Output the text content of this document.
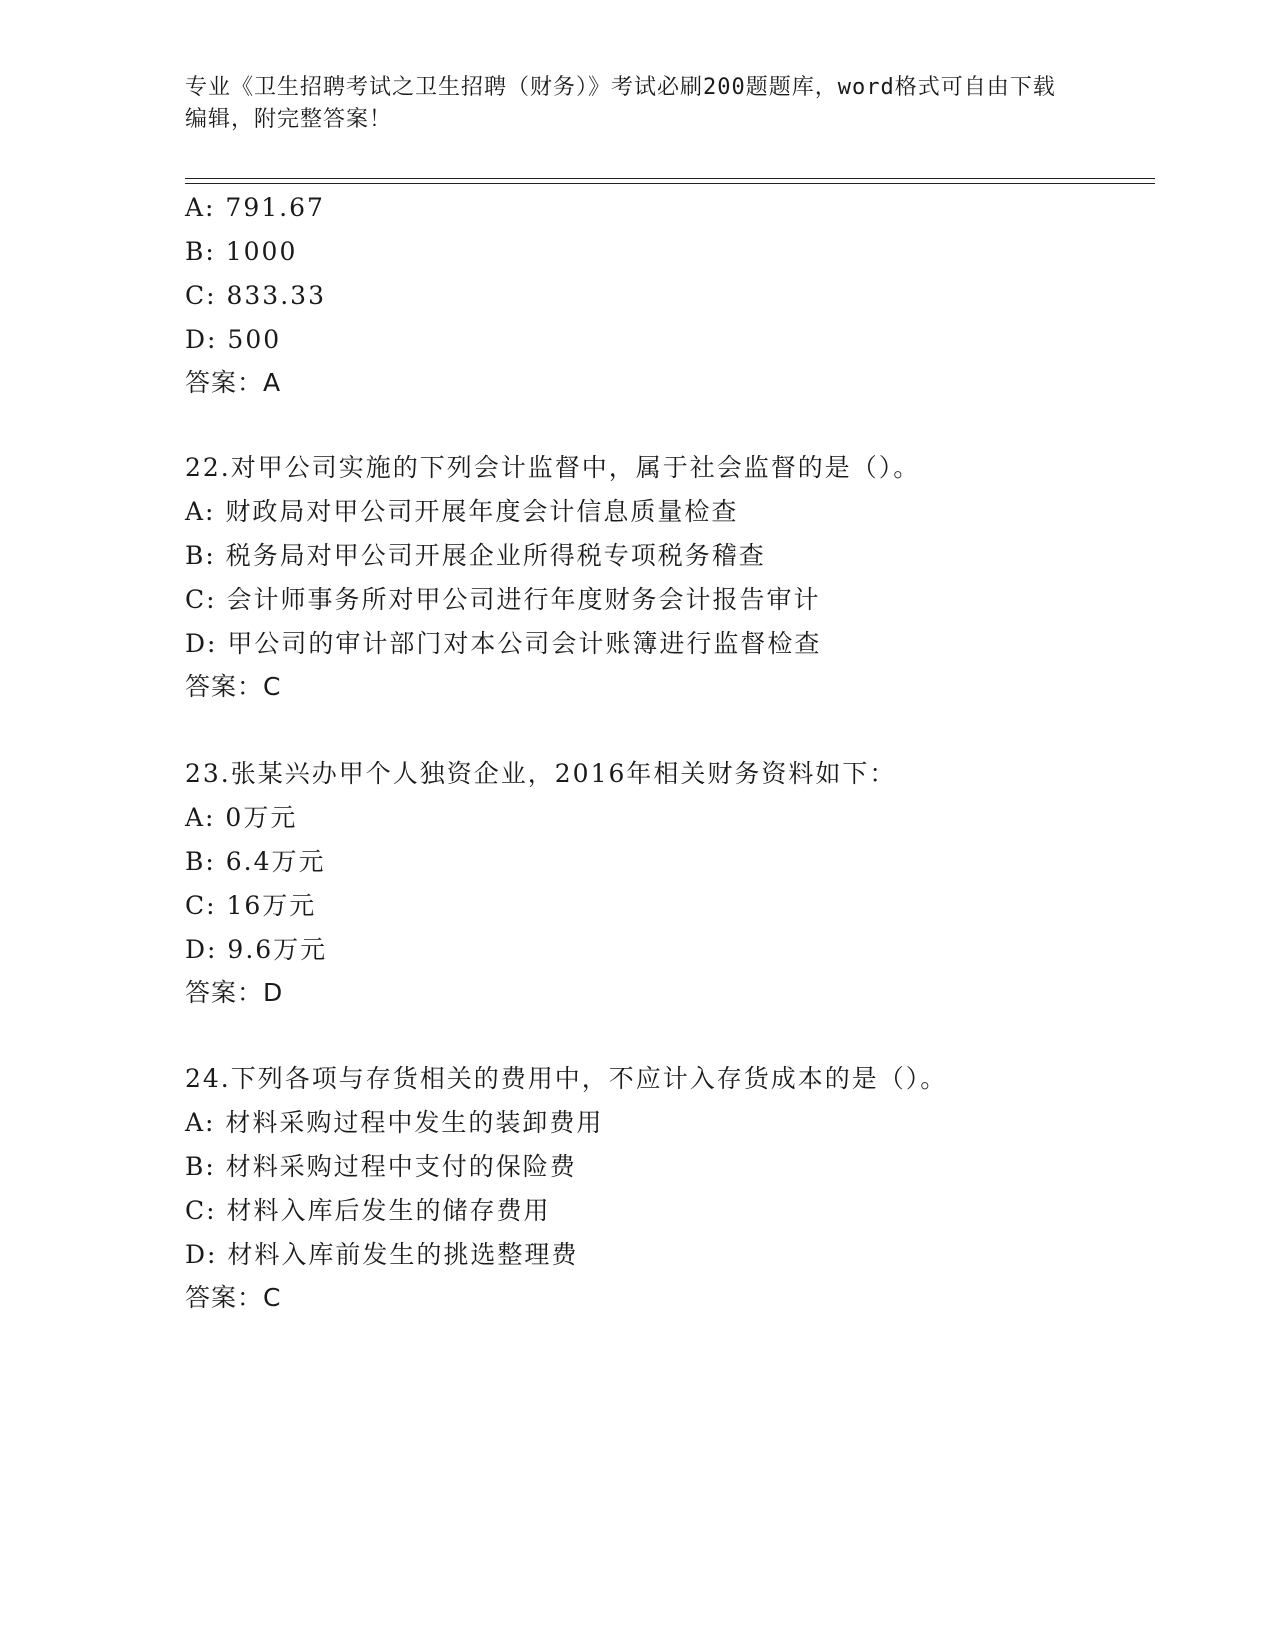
专业《卫生招聘考试之卫生招聘（财务）》考试必刷200题题库，word格式可自由下载编辑，附完整答案！
A: 791.67
B: 1000
C: 833.33
D: 500
答案：A
22.对甲公司实施的下列会计监督中，属于社会监督的是（）。
A: 财政局对甲公司开展年度会计信息质量检查
B: 税务局对甲公司开展企业所得税专项税务稽查
C: 会计师事务所对甲公司进行年度财务会计报告审计
D: 甲公司的审计部门对本公司会计账簿进行监督检查
答案：C
23.张某兴办甲个人独资企业，2016年相关财务资料如下：
A: 0万元
B: 6.4万元
C: 16万元
D: 9.6万元
答案：D
24.下列各项与存货相关的费用中，不应计入存货成本的是（）。
A: 材料采购过程中发生的装卸费用
B: 材料采购过程中支付的保险费
C: 材料入库后发生的储存费用
D: 材料入库前发生的挑选整理费
答案：C
